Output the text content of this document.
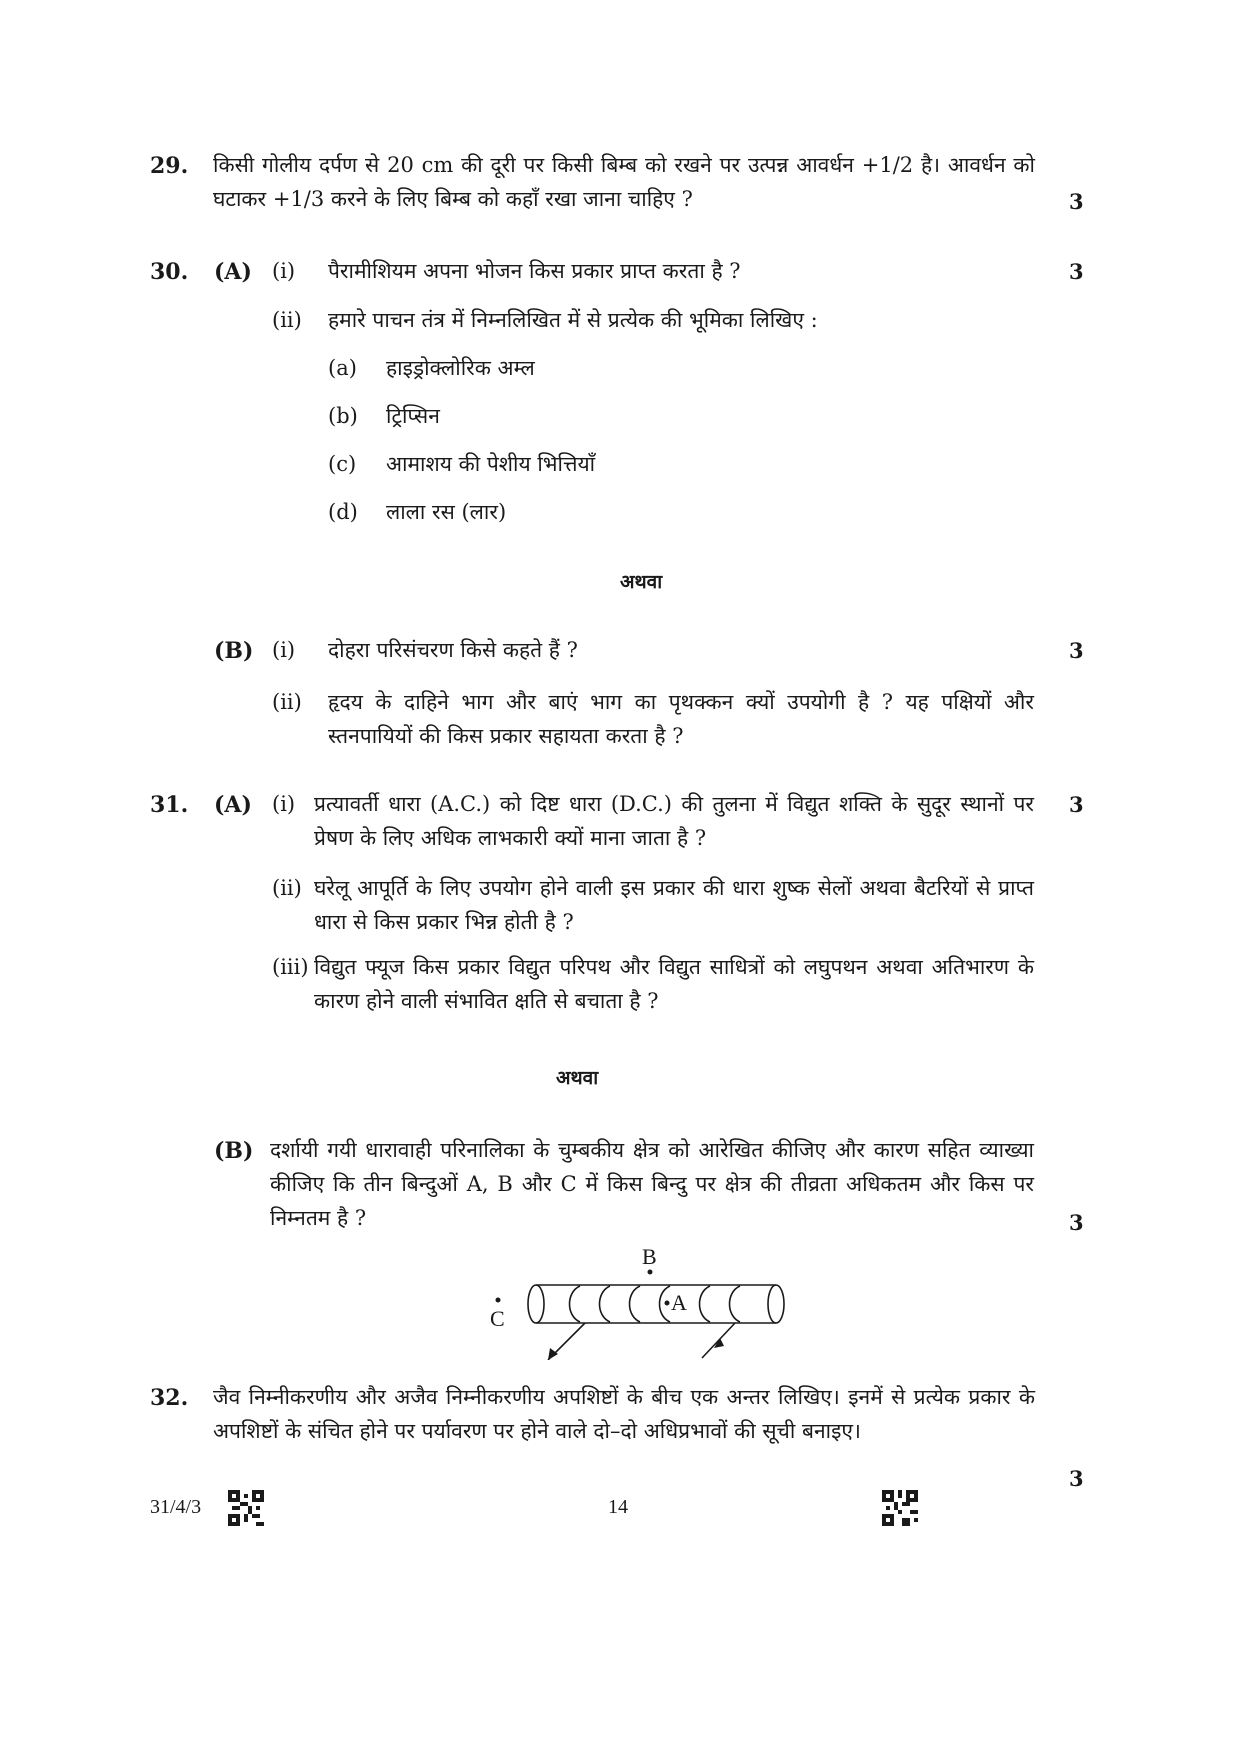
29. किसी गोलीय दर्पण से 20 cm की दूरी पर किसी बिम्ब को रखने पर उत्पन्न आवर्धन +1/2 है। आवर्धन को घटाकर +1/3 करने के लिए बिम्ब को कहाँ रखा जाना चाहिए ?	3
30. (A) (i) पैरामीशियम अपना भोजन किस प्रकार प्राप्त करता है ?	3
(ii) हमारे पाचन तंत्र में निम्नलिखित में से प्रत्येक की भूमिका लिखिए :
(a) हाइड्रोक्लोरिक अम्ल
(b) ट्रिप्सिन
(c) आमाशय की पेशीय भित्तियाँ
(d) लाला रस (लार)
अथवा
(B) (i) दोहरा परिसंचरण किसे कहते हैं ?	3
(ii) हृदय के दाहिने भाग और बाएं भाग का पृथक्कन क्यों उपयोगी है ? यह पक्षियों और स्तनपायियों की किस प्रकार सहायता करता है ?
31. (A) (i) प्रत्यावर्ती धारा (A.C.) को दिष्ट धारा (D.C.) की तुलना में विद्युत शक्ति के सुदूर स्थानों पर प्रेषण के लिए अधिक लाभकारी क्यों माना जाता है ?
3
(ii) घरेलू आपूर्ति के लिए उपयोग होने वाली इस प्रकार की धारा शुष्क सेलों अथवा बैटरियों से प्राप्त धारा से किस प्रकार भिन्न होती है ?
(iii) विद्युत फ्यूज किस प्रकार विद्युत परिपथ और विद्युत साधित्रों को लघुपथन अथवा अतिभारण के कारण होने वाली संभावित क्षति से बचाता है ?
अथवा
(B) दर्शायी गयी धारावाही परिनालिका के चुम्बकीय क्षेत्र को आरेखित कीजिए और कारण सहित व्याख्या कीजिए कि तीन बिन्दुओं A, B और C में किस बिन्दु पर क्षेत्र की तीव्रता अधिकतम और किस पर निम्नतम है ?	3
B
A
C
32. जैव निम्नीकरणीय और अजैव निम्नीकरणीय अपशिष्टों के बीच एक अन्तर लिखिए। इनमें से प्रत्येक प्रकार के अपशिष्टों के संचित होने पर पर्यावरण पर होने वाले दो–दो अधिप्रभावों की सूची बनाइए।
3
31/4/3	14
